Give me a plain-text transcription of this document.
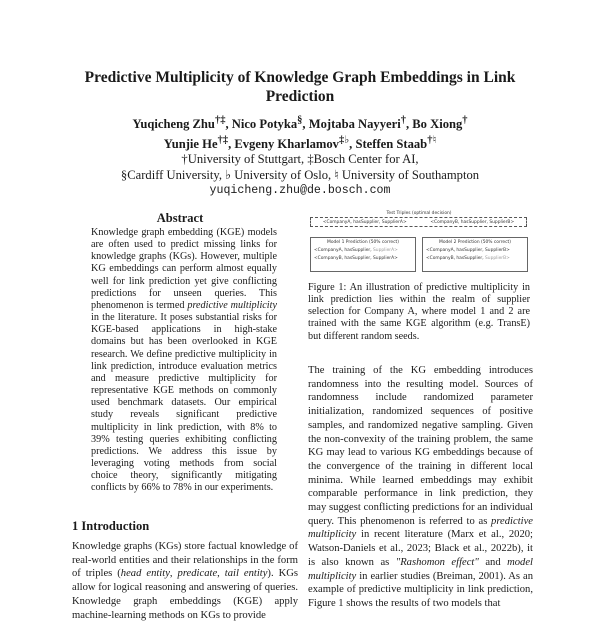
Predictive Multiplicity of Knowledge Graph Embeddings in Link Prediction
Yuqicheng Zhu†‡, Nico Potyka§, Mojtaba Nayyeri†, Bo Xiong†
Yunjie He†‡, Evgeny Kharlamov‡♭, Steffen Staab†♮
†University of Stuttgart, ‡Bosch Center for AI,
§Cardiff University, ♭ University of Oslo, ♮ University of Southampton
yuqicheng.zhu@de.bosch.com
Abstract

Knowledge graph embedding (KGE) models are often used to predict missing links for knowledge graphs (KGs). However, multiple KG embeddings can perform almost equally well for link prediction yet give conflicting predictions for unseen queries. This phenomenon is termed predictive multiplicity in the literature. It poses substantial risks for KGE-based applications in high-stake domains but has been overlooked in KGE research. We define predictive multiplicity in link prediction, introduce evaluation metrics and measure predictive multiplicity for representative KGE methods on commonly used benchmark datasets. Our empirical study reveals significant predictive multiplicity in link prediction, with 8% to 39% testing queries exhibiting conflicting predictions. We address this issue by leveraging voting methods from social choice theory, significantly mitigating conflicts by 66% to 78% in our experiments.

1 Introduction

Knowledge graphs (KGs) store factual knowledge of real-world entities and their relationships in the form of triples (head entity, predicate, tail entity). KGs allow for logical reasoning and answering of queries. Knowledge graph embeddings (KGE) apply machine-learning methods on KGs to provide

Test Triples (optimal decision)
<CompanyA, hasSupplier, SupplierA>	<CompanyB, hasSupplier, SupplierB>
Model 1 Prediction (50% correct)
<CompanyA, hasSupplier, SupplierA>
<CompanyB, hasSupplier, SupplierA>
Model 2 Prediction (50% correct)
<CompanyA, hasSupplier, SupplierB>
<CompanyB, hasSupplier, SupplierB>

Figure 1: An illustration of predictive multiplicity in link prediction lies within the realm of supplier selection for Company A, where model 1 and 2 are trained with the same KGE algorithm (e.g. TransE) but different random seeds.

The training of the KG embedding introduces randomness into the resulting model. Sources of randomness include randomized parameter initialization, randomized sequences of positive samples, and randomized negative sampling. Given the non-convexity of the training problem, the same KG may lead to various KG embeddings because of the convergence of the training in different local minima. While learned embeddings may exhibit comparable performance in link prediction, they may suggest conflicting predictions for an individual query. This phenomenon is referred to as predictive multiplicity in recent literature (Marx et al., 2020; Watson-Daniels et al., 2023; Black et al., 2022b), it is also known as "Rashomon effect" and model multiplicity in earlier studies (Breiman, 2001). As an example of predictive multiplicity in link prediction, Figure 1 shows the results of two models that
